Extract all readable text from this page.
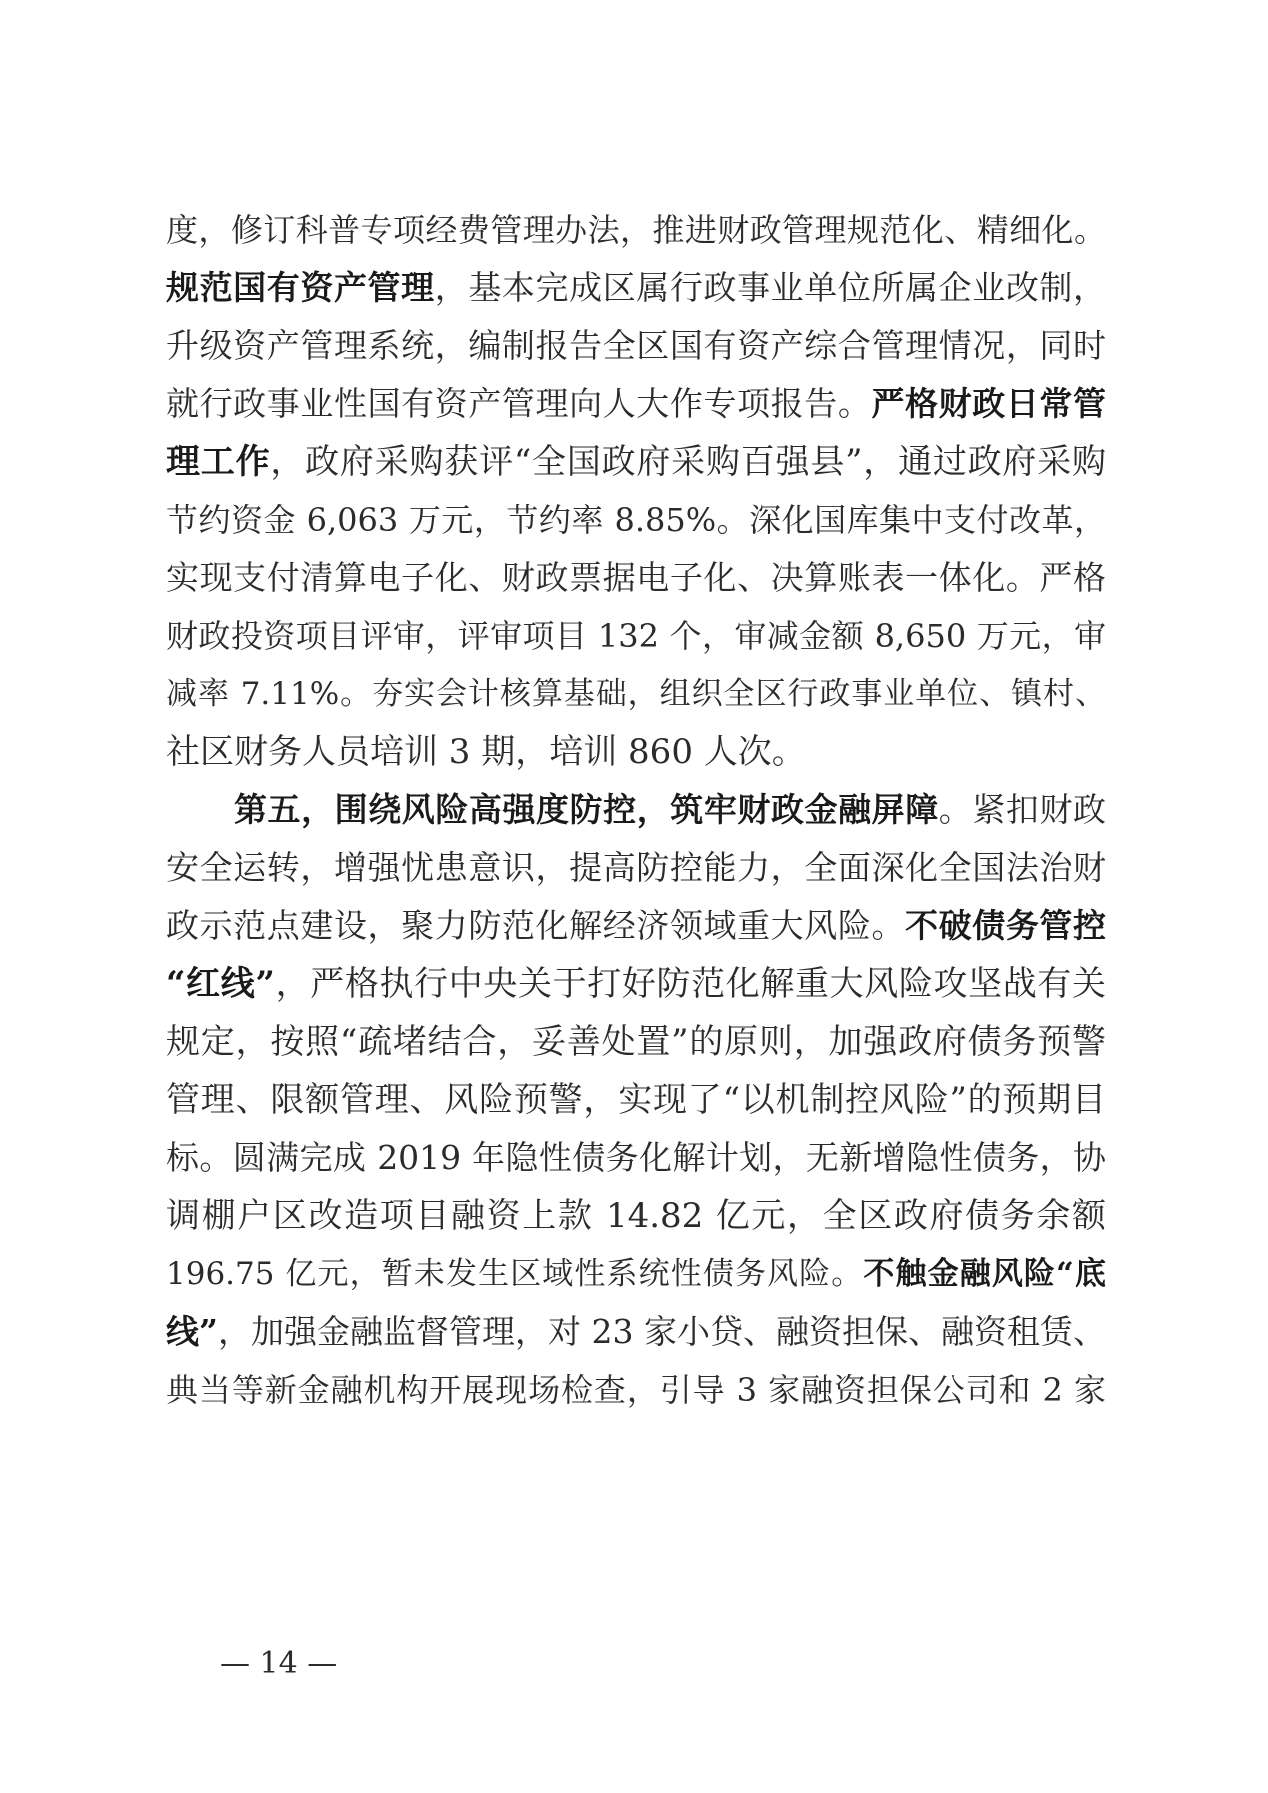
度，修订科普专项经费管理办法，推进财政管理规范化、精细化。
规范国有资产管理，基本完成区属行政事业单位所属企业改制，
升级资产管理系统，编制报告全区国有资产综合管理情况，同时
就行政事业性国有资产管理向人大作专项报告。严格财政日常管
理工作，政府采购获评“全国政府采购百强县”，通过政府采购
节约资金 6,063 万元，节约率 8.85%。深化国库集中支付改革，
实现支付清算电子化、财政票据电子化、决算账表一体化。严格
财政投资项目评审，评审项目 132 个，审减金额 8,650 万元，审
减率 7.11%。夯实会计核算基础，组织全区行政事业单位、镇村、
社区财务人员培训 3 期，培训 860 人次。
第五，围绕风险高强度防控，筑牢财政金融屏障。紧扣财政
安全运转，增强忧患意识，提高防控能力，全面深化全国法治财
政示范点建设，聚力防范化解经济领域重大风险。不破债务管控
“红线”，严格执行中央关于打好防范化解重大风险攻坚战有关
规定，按照“疏堵结合，妥善处置”的原则，加强政府债务预警
管理、限额管理、风险预警，实现了“以机制控风险”的预期目
标。圆满完成 2019 年隐性债务化解计划，无新增隐性债务，协
调棚户区改造项目融资上款 14.82 亿元，全区政府债务余额
196.75 亿元，暂未发生区域性系统性债务风险。不触金融风险“底
线”，加强金融监督管理，对 23 家小贷、融资担保、融资租赁、
典当等新金融机构开展现场检查，引导 3 家融资担保公司和 2 家
— 14 —
